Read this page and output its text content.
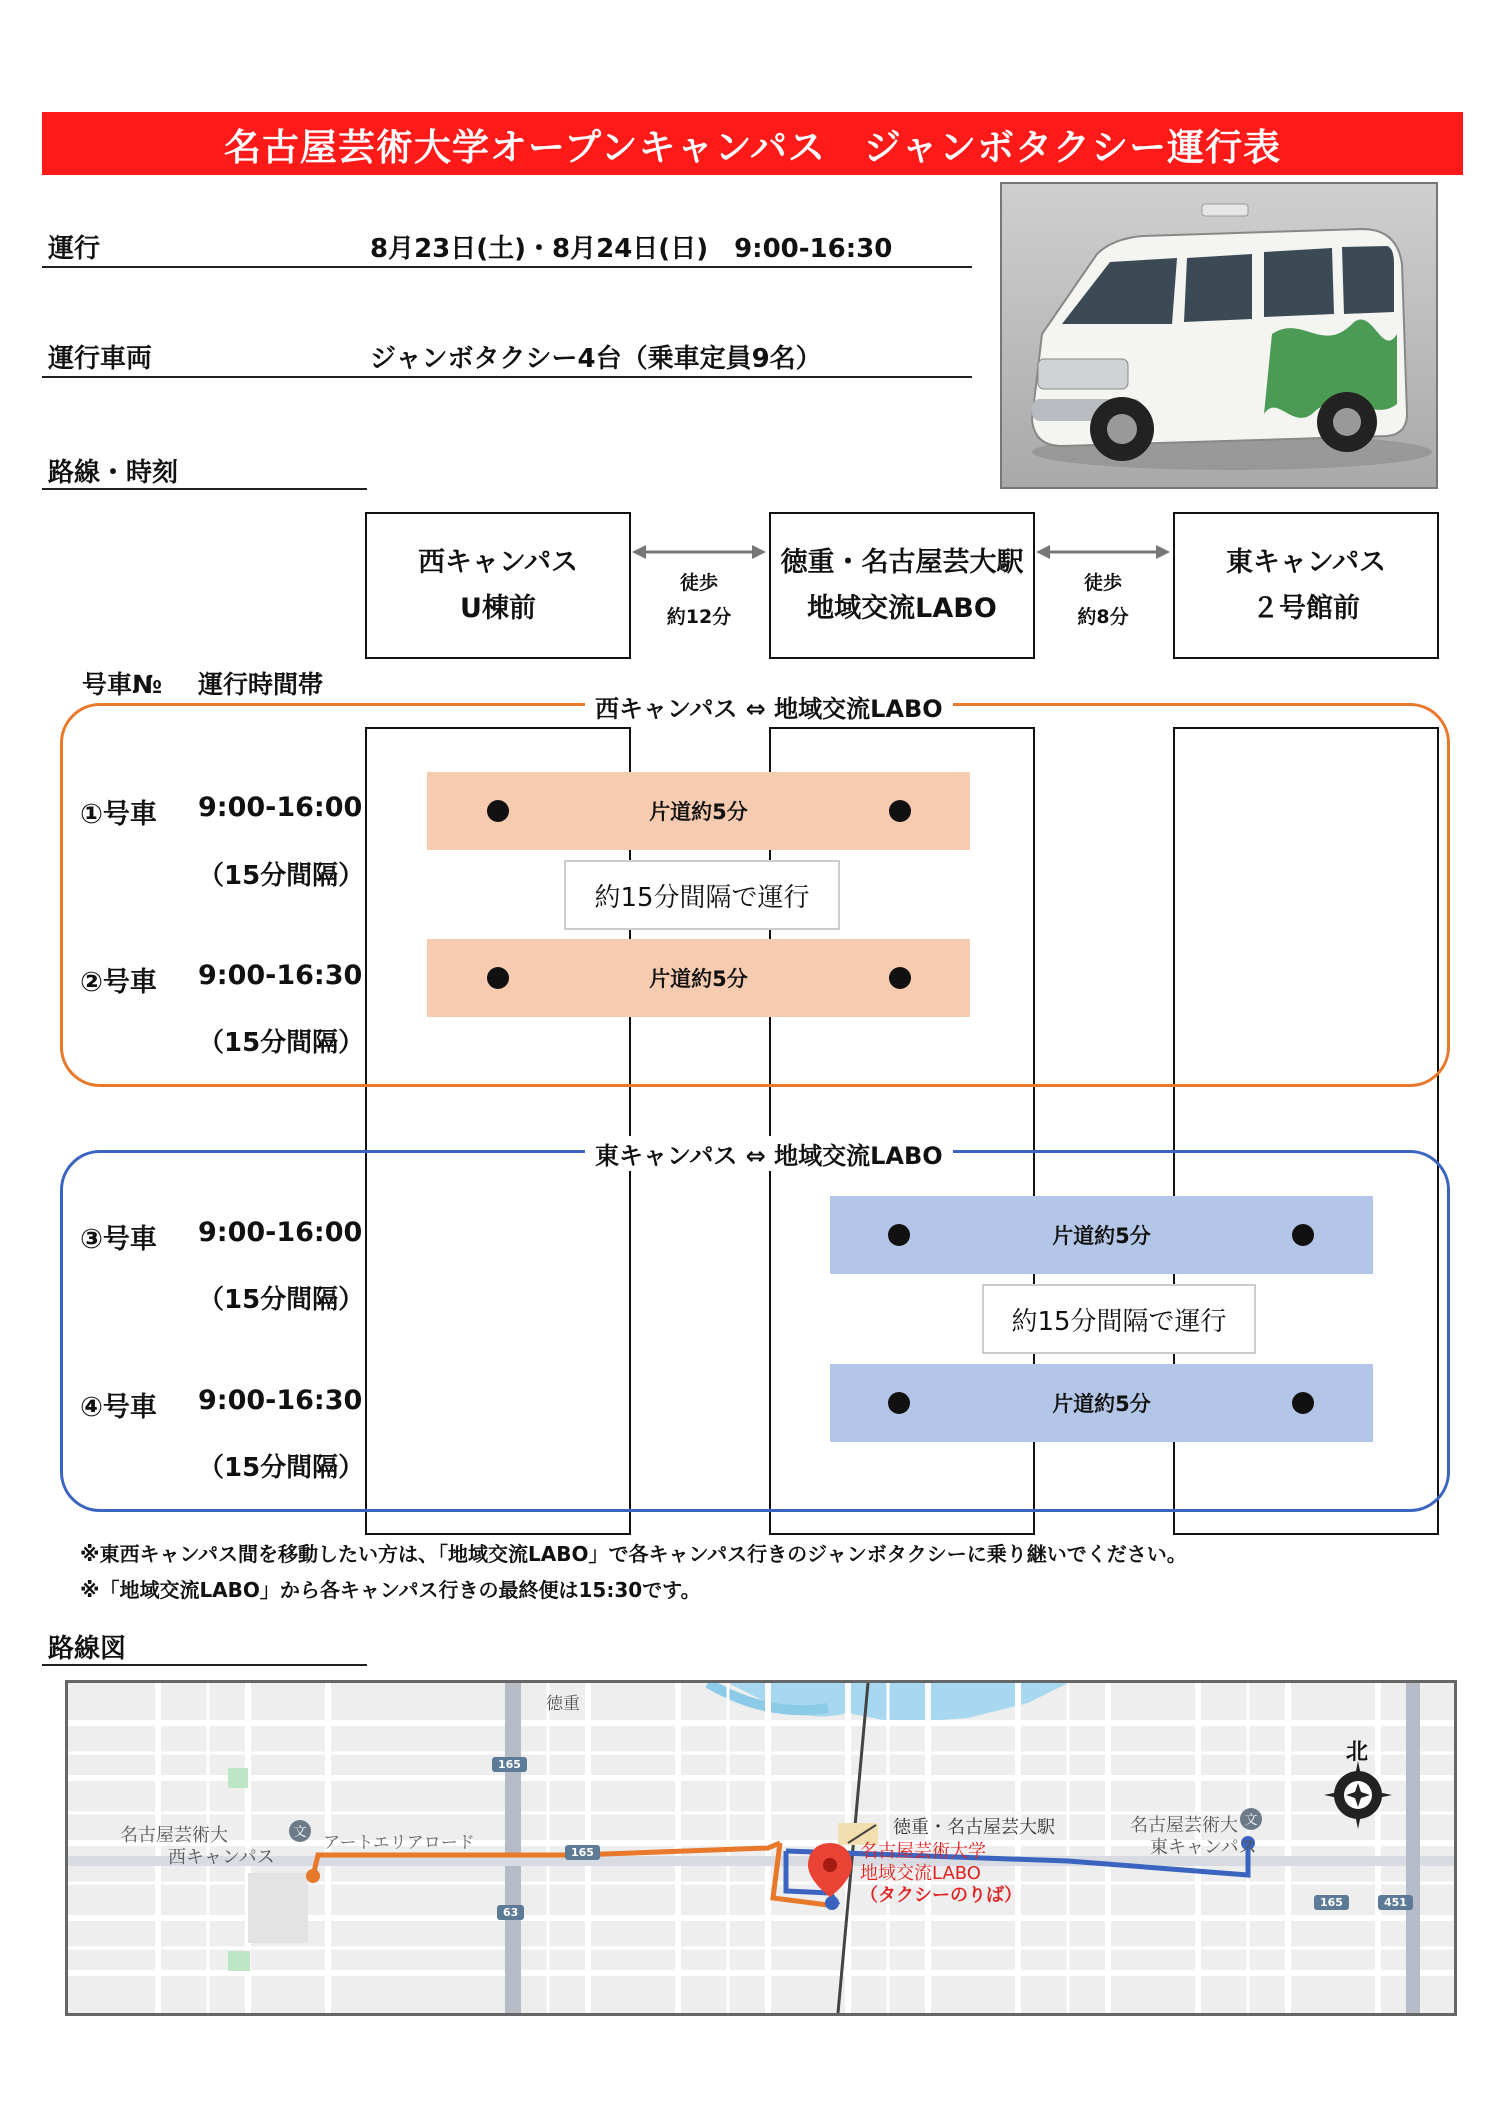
名古屋芸術大学オープンキャンパス　ジャンボタクシー運行表
運行	8月23日(土)・8月24日(日)　9:00-16:30
運行車両	ジャンボタクシー4台（乗車定員9名）
路線・時刻
西キャンパス
U棟前
徳重・名古屋芸大駅
地域交流LABO
東キャンパス
２号館前
徒歩
約12分
徒歩
約8分
号車№ 運行時間帯
西キャンパス ⇔ 地域交流LABO
東キャンパス ⇔ 地域交流LABO
①号車 9:00-16:00
（15分間隔）
片道約5分
約15分間隔で運行
②号車 9:00-16:30
（15分間隔）
片道約5分
③号車 9:00-16:00
（15分間隔）
片道約5分
約15分間隔で運行
④号車 9:00-16:30
（15分間隔）
片道約5分
※東西キャンパス間を移動したい方は、「地域交流LABO」で各キャンパス行きのジャンボタクシーに乗り継いでください。
※「地域交流LABO」から各キャンパス行きの最終便は15:30です。
路線図
文
文
徳重
徳重・名古屋芸大駅
名古屋芸術大
西キャンパス
名古屋芸術大
東キャンパス
アートエリアロード	名古屋芸術大学
地域交流LABO
（タクシーのりば）
北
165
165
63
165	451
